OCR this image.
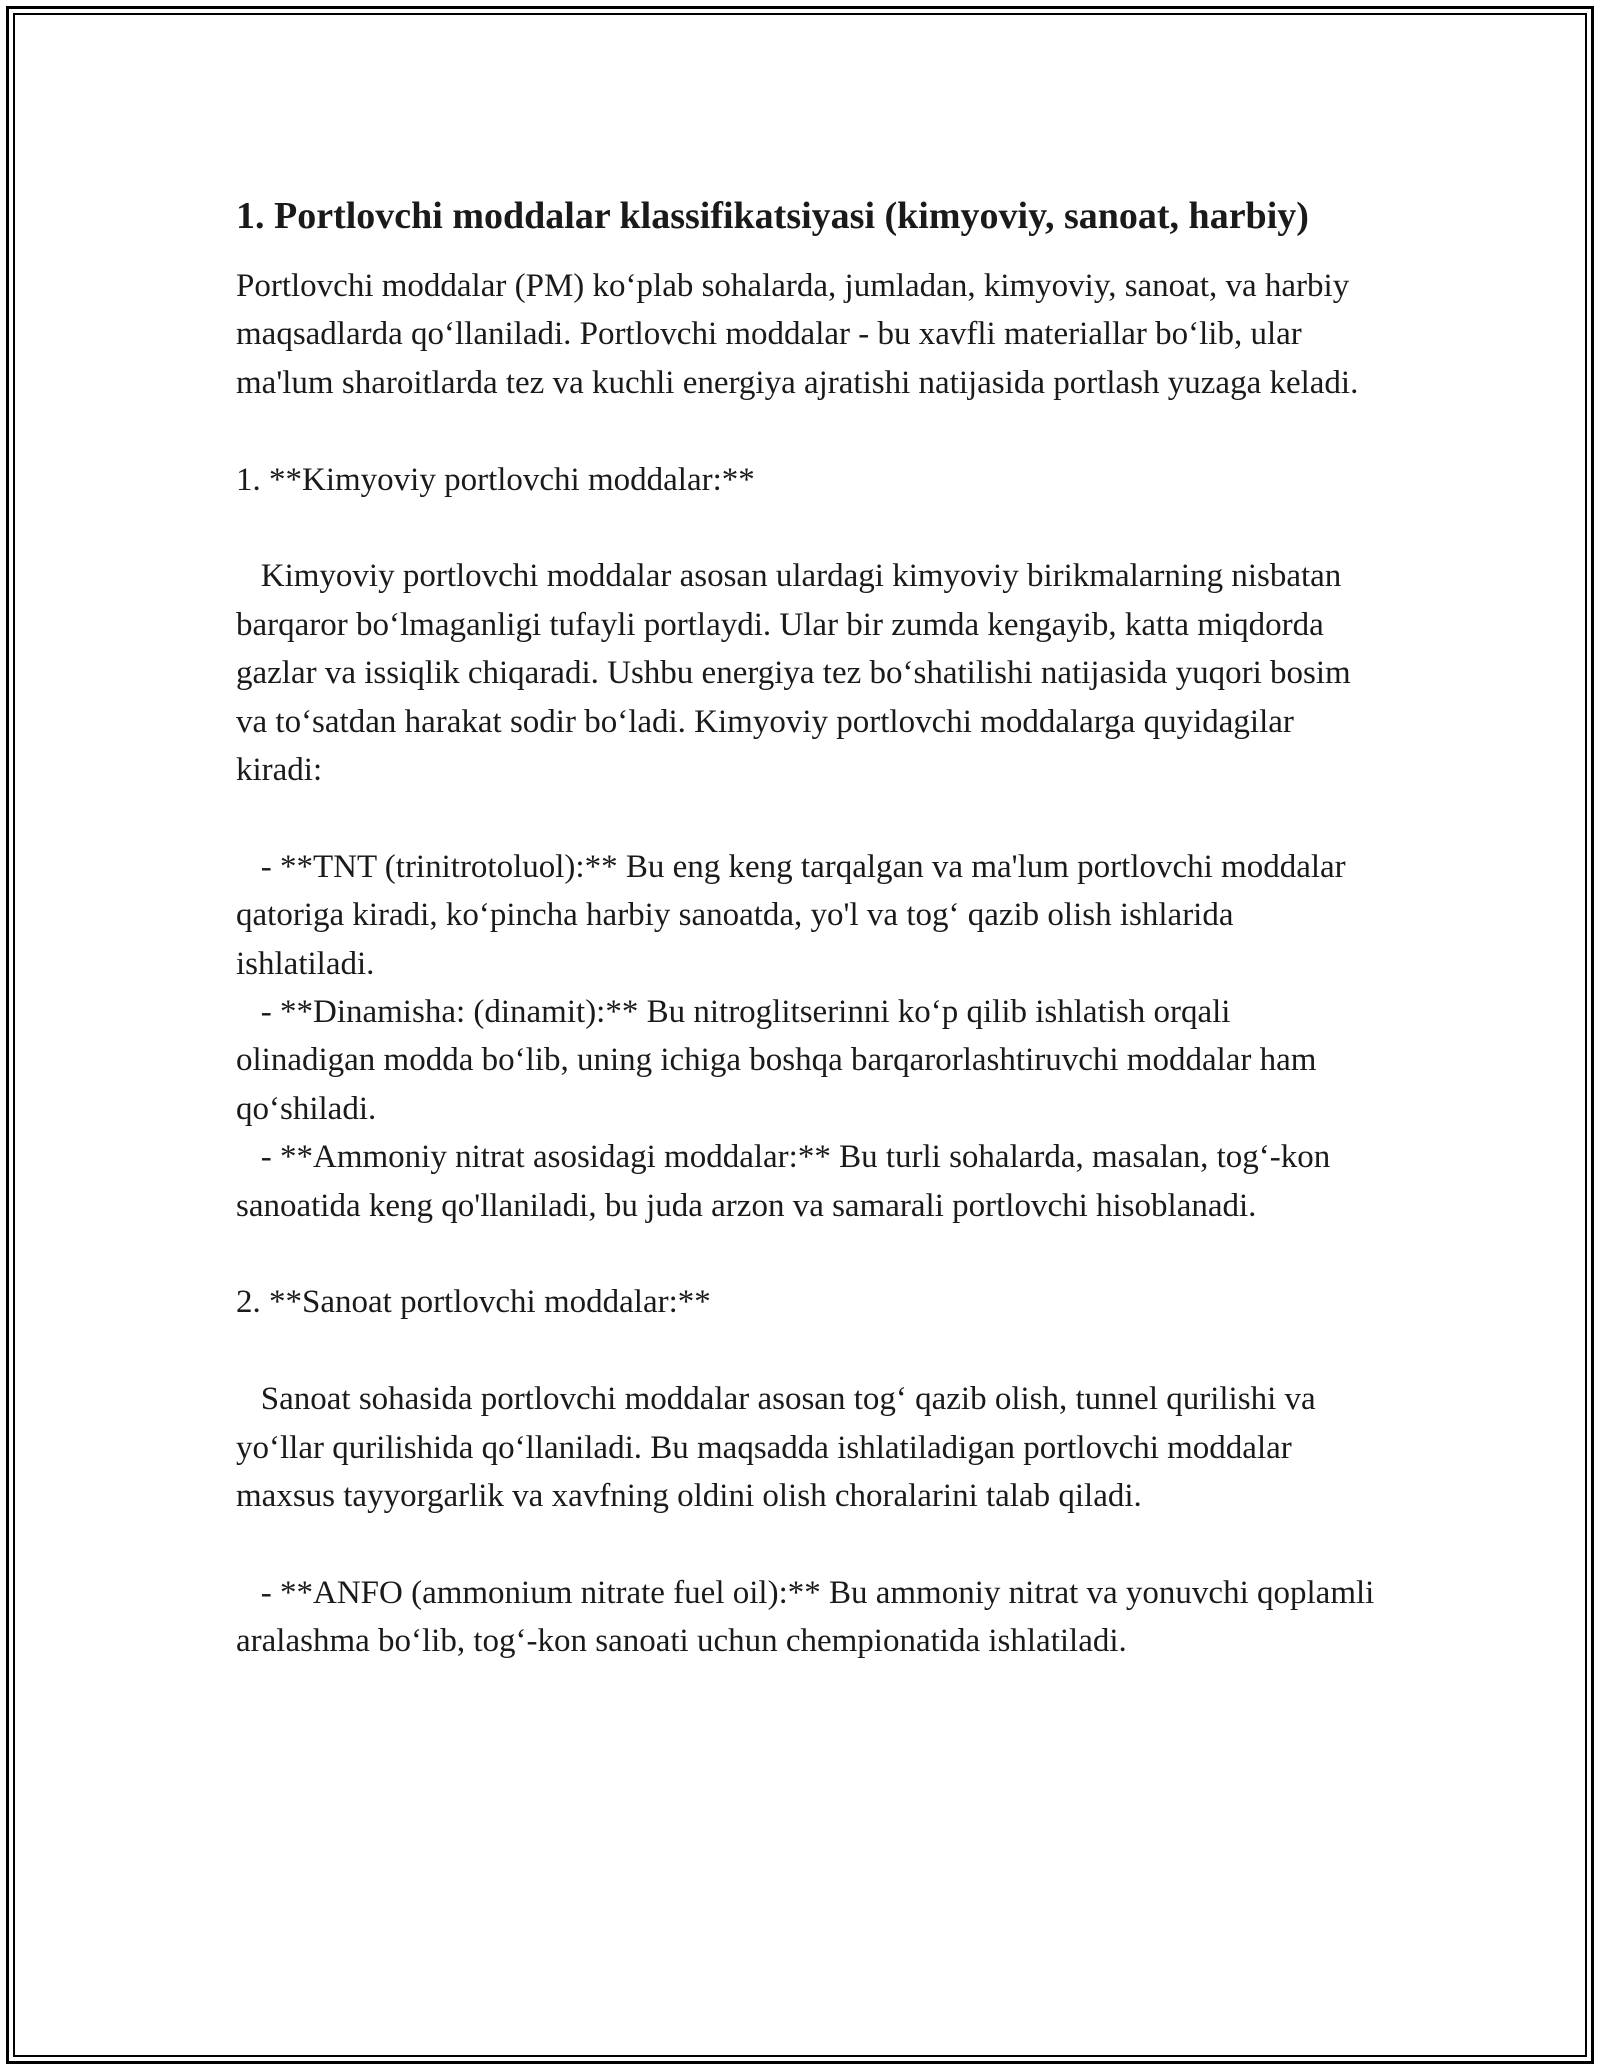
1. Portlovchi moddalar klassifikatsiyasi (kimyoviy, sanoat, harbiy)

Portlovchi moddalar (PM) ko‘plab sohalarda, jumladan, kimyoviy, sanoat, va harbiy maqsadlarda qo‘llaniladi. Portlovchi moddalar - bu xavfli materiallar bo‘lib, ular ma'lum sharoitlarda tez va kuchli energiya ajratishi natijasida portlash yuzaga keladi.

1. **Kimyoviy portlovchi moddalar:**

Kimyoviy portlovchi moddalar asosan ulardagi kimyoviy birikmalarning nisbatan barqaror bo‘lmaganligi tufayli portlaydi. Ular bir zumda kengayib, katta miqdorda gazlar va issiqlik chiqaradi. Ushbu energiya tez bo‘shatilishi natijasida yuqori bosim va to‘satdan harakat sodir bo‘ladi. Kimyoviy portlovchi moddalarga quyidagilar kiradi:

- **TNT (trinitrotoluol):** Bu eng keng tarqalgan va ma'lum portlovchi moddalar qatoriga kiradi, ko‘pincha harbiy sanoatda, yo'l va tog‘ qazib olish ishlarida ishlatiladi.

- **Dinamisha: (dinamit):** Bu nitroglitserinni ko‘p qilib ishlatish orqali olinadigan modda bo‘lib, uning ichiga boshqa barqarorlashtiruvchi moddalar ham qo‘shiladi.

- **Ammoniy nitrat asosidagi moddalar:** Bu turli sohalarda, masalan, tog‘-kon sanoatida keng qo'llaniladi, bu juda arzon va samarali portlovchi hisoblanadi.

2. **Sanoat portlovchi moddalar:**

Sanoat sohasida portlovchi moddalar asosan tog‘ qazib olish, tunnel qurilishi va yo‘llar qurilishida qo‘llaniladi. Bu maqsadda ishlatiladigan portlovchi moddalar maxsus tayyorgarlik va xavfning oldini olish choralarini talab qiladi.

- **ANFO (ammonium nitrate fuel oil):** Bu ammoniy nitrat va yonuvchi qoplamli aralashma bo‘lib, tog‘-kon sanoati uchun chempionatida ishlatiladi.
